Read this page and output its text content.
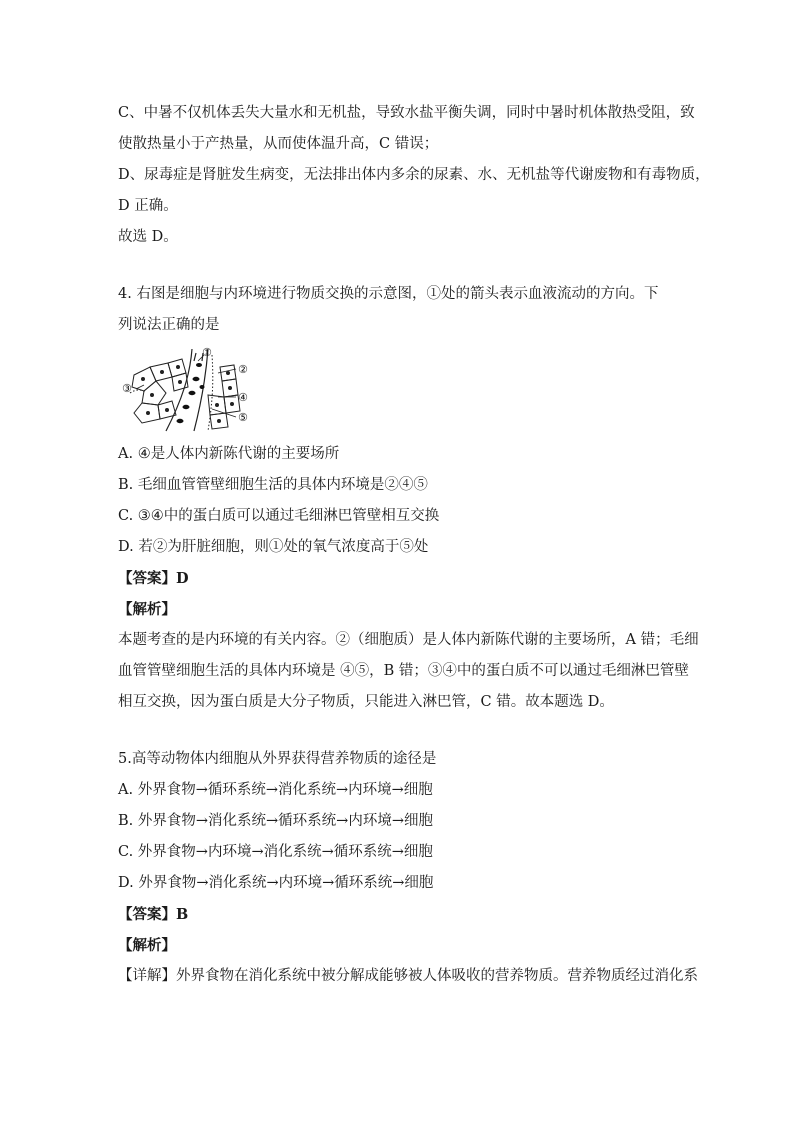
C、中暑不仅机体丢失大量水和无机盐，导致水盐平衡失调，同时中暑时机体散热受阻，致

使散热量小于产热量，从而使体温升高，C 错误；

D、尿毒症是肾脏发生病变，无法排出体内多余的尿素、水、无机盐等代谢废物和有毒物质，

D 正确。

故选 D。

4. 右图是细胞与内环境进行物质交换的示意图，①处的箭头表示血液流动的方向。下

列说法正确的是

①
②
③
④
⑤

A. ④是人体内新陈代谢的主要场所

B. 毛细血管管壁细胞生活的具体内环境是②④⑤

C. ③④中的蛋白质可以通过毛细淋巴管壁相互交换

D. 若②为肝脏细胞，则①处的氧气浓度高于⑤处

【答案】D

【解析】

本题考查的是内环境的有关内容。②（细胞质）是人体内新陈代谢的主要场所，A 错；毛细

血管管壁细胞生活的具体内环境是 ④⑤，B 错；③④中的蛋白质不可以通过毛细淋巴管壁

相互交换，因为蛋白质是大分子物质，只能进入淋巴管，C 错。故本题选 D。

5.高等动物体内细胞从外界获得营养物质的途径是

A. 外界食物→循环系统→消化系统→内环境→细胞

B. 外界食物→消化系统→循环系统→内环境→细胞

C. 外界食物→内环境→消化系统→循环系统→细胞

D. 外界食物→消化系统→内环境→循环系统→细胞

【答案】B

【解析】

【详解】外界食物在消化系统中被分解成能够被人体吸收的营养物质。营养物质经过消化系
